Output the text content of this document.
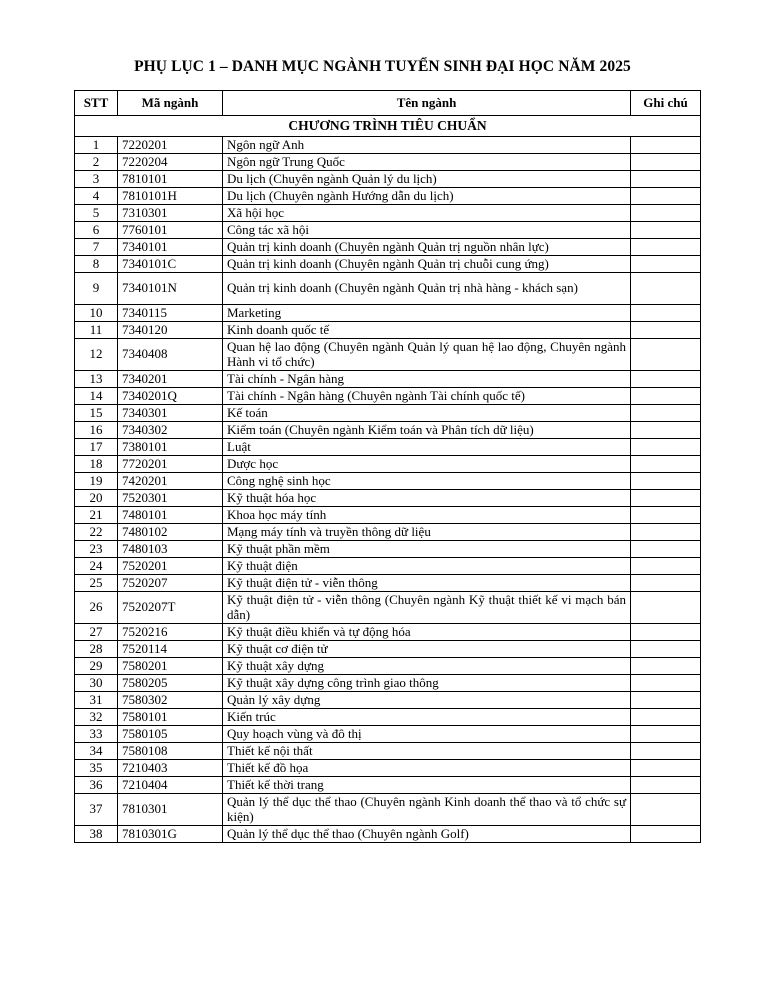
PHỤ LỤC 1 – DANH MỤC NGÀNH TUYỂN SINH ĐẠI HỌC NĂM 2025
STT	Mã ngành	Tên ngành	Ghi chú
CHƯƠNG TRÌNH TIÊU CHUẨN			
1	7220201	Ngôn ngữ Anh	
2	7220204	Ngôn ngữ Trung Quốc	
3	7810101	Du lịch (Chuyên ngành Quản lý du lịch)	
4	7810101H	Du lịch (Chuyên ngành Hướng dẫn du lịch)	
5	7310301	Xã hội học	
6	7760101	Công tác xã hội	
7	7340101	Quản trị kinh doanh (Chuyên ngành Quản trị nguồn nhân lực)	
8	7340101C	Quản trị kinh doanh (Chuyên ngành Quản trị chuỗi cung ứng)	
9	7340101N	Quản trị kinh doanh (Chuyên ngành Quản trị nhà hàng - khách sạn)	
10	7340115	Marketing	
11	7340120	Kinh doanh quốc tế	
12	7340408	Quan hệ lao động (Chuyên ngành Quản lý quan hệ lao động, Chuyên ngành Hành vi tổ chức)	
13	7340201	Tài chính - Ngân hàng	
14	7340201Q	Tài chính - Ngân hàng (Chuyên ngành Tài chính quốc tế)	
15	7340301	Kế toán	
16	7340302	Kiểm toán (Chuyên ngành Kiểm toán và Phân tích dữ liệu)	
17	7380101	Luật	
18	7720201	Dược học	
19	7420201	Công nghệ sinh học	
20	7520301	Kỹ thuật hóa học	
21	7480101	Khoa học máy tính	
22	7480102	Mạng máy tính và truyền thông dữ liệu	
23	7480103	Kỹ thuật phần mềm	
24	7520201	Kỹ thuật điện	
25	7520207	Kỹ thuật điện tử - viễn thông	
26	7520207T	Kỹ thuật điện tử - viễn thông (Chuyên ngành Kỹ thuật thiết kế vi mạch bán dẫn)	
27	7520216	Kỹ thuật điều khiển và tự động hóa	
28	7520114	Kỹ thuật cơ điện tử	
29	7580201	Kỹ thuật xây dựng	
30	7580205	Kỹ thuật xây dựng công trình giao thông	
31	7580302	Quản lý xây dựng	
32	7580101	Kiến trúc	
33	7580105	Quy hoạch vùng và đô thị	
34	7580108	Thiết kế nội thất	
35	7210403	Thiết kế đồ họa	
36	7210404	Thiết kế thời trang	
37	7810301	Quản lý thể dục thể thao (Chuyên ngành Kinh doanh thể thao và tổ chức sự kiện)	
38	7810301G	Quản lý thể dục thể thao (Chuyên ngành Golf)	
